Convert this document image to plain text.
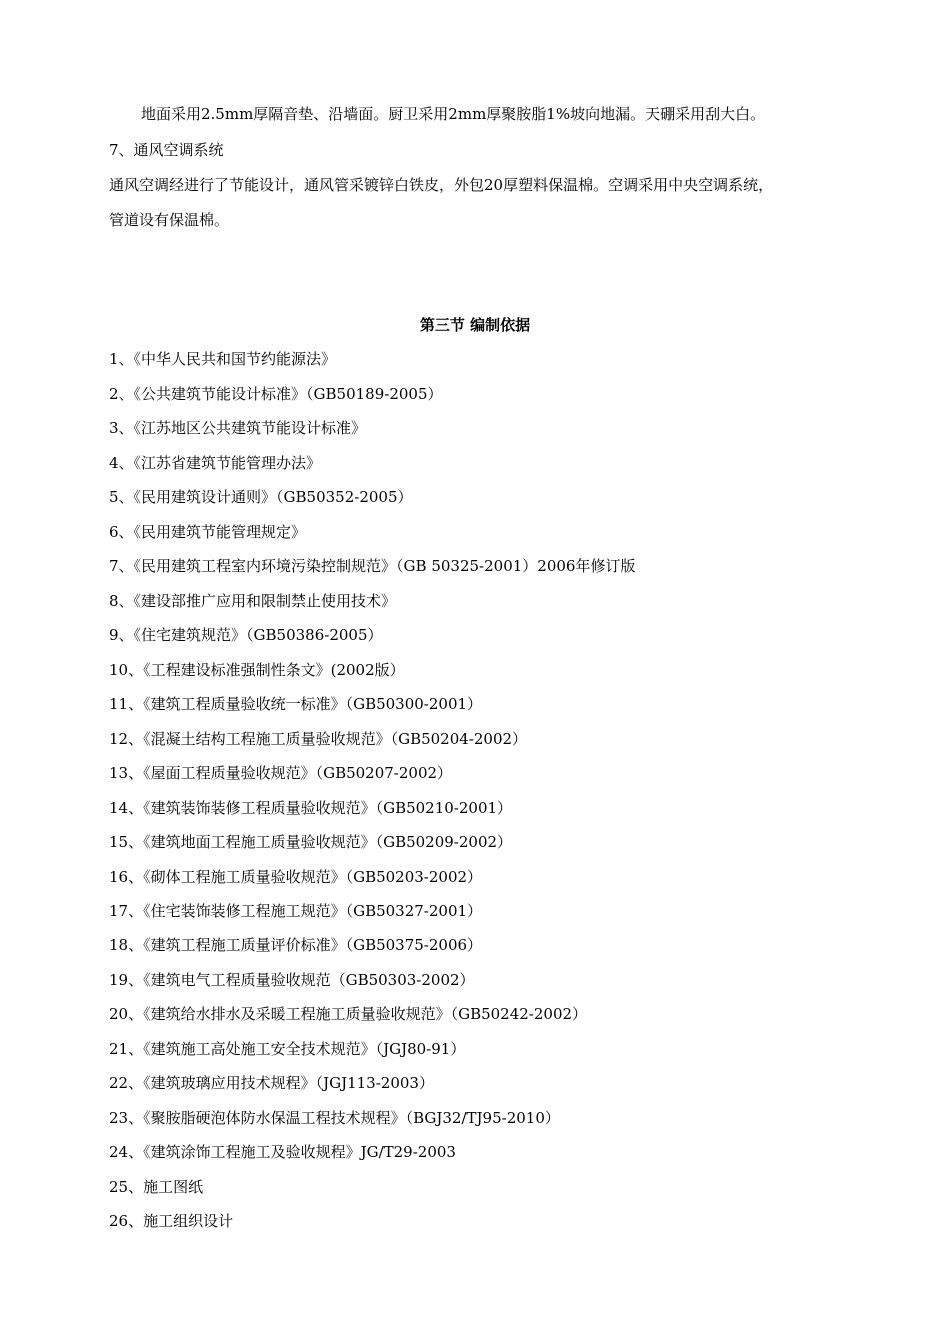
地面采用2.5mm厚隔音垫、沿墙面。厨卫采用2mm厚聚胺脂1%坡向地漏。天硼采用刮大白。
7、通风空调系统
通风空调经进行了节能设计，通风管采镀锌白铁皮，外包20厚塑料保温棉。空调采用中央空调系统，
管道设有保温棉。
第三节 编制依据
1、《中华人民共和国节约能源法》
2、《公共建筑节能设计标准》（GB50189-2005）
3、《江苏地区公共建筑节能设计标准》
4、《江苏省建筑节能管理办法》
5、《民用建筑设计通则》（GB50352-2005）
6、《民用建筑节能管理规定》
7、《民用建筑工程室内环境污染控制规范》（GB 50325-2001）2006年修订版
8、《建设部推广应用和限制禁止使用技术》
9、《住宅建筑规范》（GB50386-2005）
10、《工程建设标准强制性条文》(2002版）
11、《建筑工程质量验收统一标准》（GB50300-2001）
12、《混凝土结构工程施工质量验收规范》（GB50204-2002）
13、《屋面工程质量验收规范》（GB50207-2002）
14、《建筑装饰装修工程质量验收规范》（GB50210-2001）
15、《建筑地面工程施工质量验收规范》（GB50209-2002）
16、《砌体工程施工质量验收规范》（GB50203-2002）
17、《住宅装饰装修工程施工规范》（GB50327-2001）
18、《建筑工程施工质量评价标准》（GB50375-2006）
19、《建筑电气工程质量验收规范（GB50303-2002）
20、《建筑给水排水及采暖工程施工质量验收规范》（GB50242-2002）
21、《建筑施工高处施工安全技术规范》（JGJ80-91）
22、《建筑玻璃应用技术规程》（JGJ113-2003）
23、《聚胺脂硬泡体防水保温工程技术规程》（BGJ32/TJ95-2010）
24、《建筑涂饰工程施工及验收规程》JG/T29-2003
25、施工图纸
26、施工组织设计
